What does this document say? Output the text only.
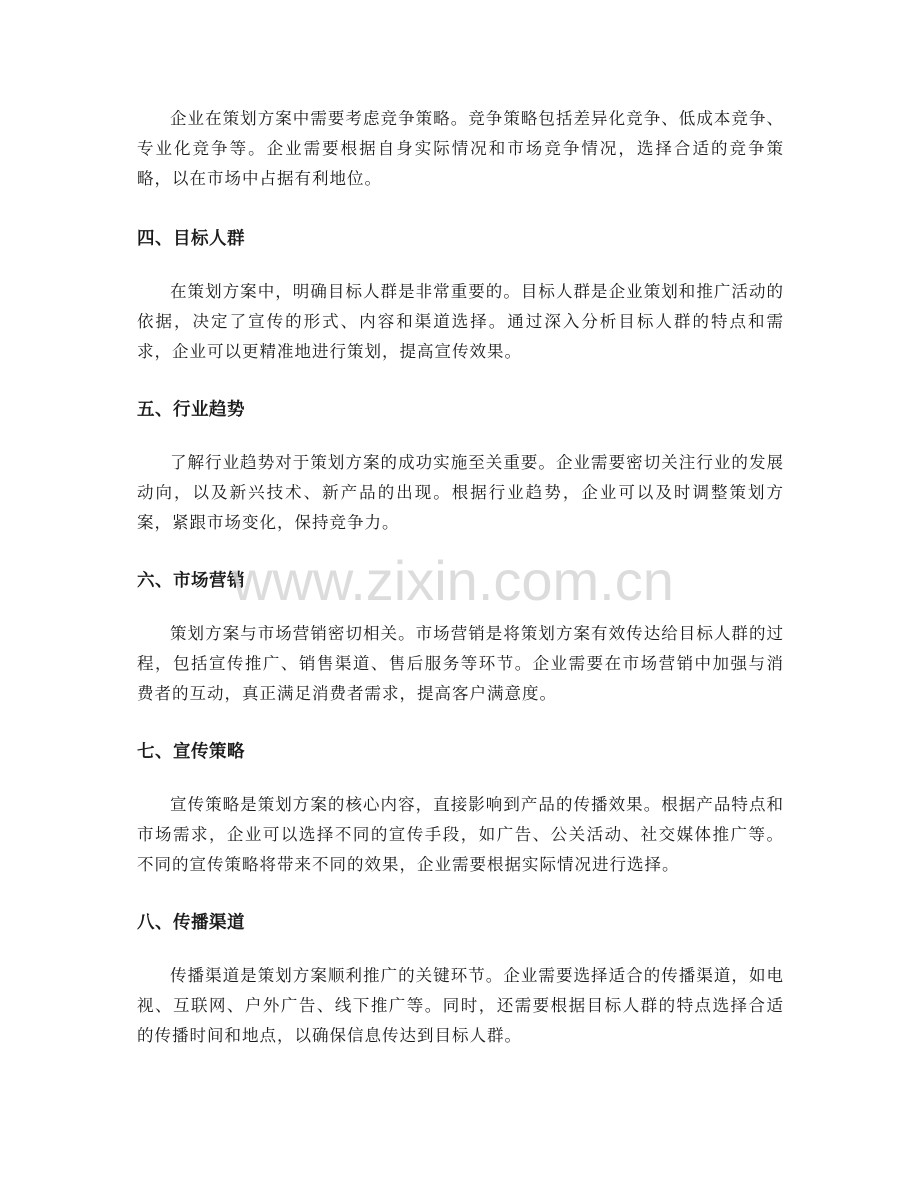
企业在策划方案中需要考虑竞争策略。竞争策略包括差异化竞争、低成本竞争、专业化竞争等。企业需要根据自身实际情况和市场竞争情况，选择合适的竞争策略，以在市场中占据有利地位。

四、目标人群

在策划方案中，明确目标人群是非常重要的。目标人群是企业策划和推广活动的依据，决定了宣传的形式、内容和渠道选择。通过深入分析目标人群的特点和需求，企业可以更精准地进行策划，提高宣传效果。

五、行业趋势

了解行业趋势对于策划方案的成功实施至关重要。企业需要密切关注行业的发展动向，以及新兴技术、新产品的出现。根据行业趋势，企业可以及时调整策划方案，紧跟市场变化，保持竞争力。

六、市场营销

策划方案与市场营销密切相关。市场营销是将策划方案有效传达给目标人群的过程，包括宣传推广、销售渠道、售后服务等环节。企业需要在市场营销中加强与消费者的互动，真正满足消费者需求，提高客户满意度。

七、宣传策略

宣传策略是策划方案的核心内容，直接影响到产品的传播效果。根据产品特点和市场需求，企业可以选择不同的宣传手段，如广告、公关活动、社交媒体推广等。不同的宣传策略将带来不同的效果，企业需要根据实际情况进行选择。

八、传播渠道

传播渠道是策划方案顺利推广的关键环节。企业需要选择适合的传播渠道，如电视、互联网、户外广告、线下推广等。同时，还需要根据目标人群的特点选择合适的传播时间和地点，以确保信息传达到目标人群。

www.zixin.com.cn
